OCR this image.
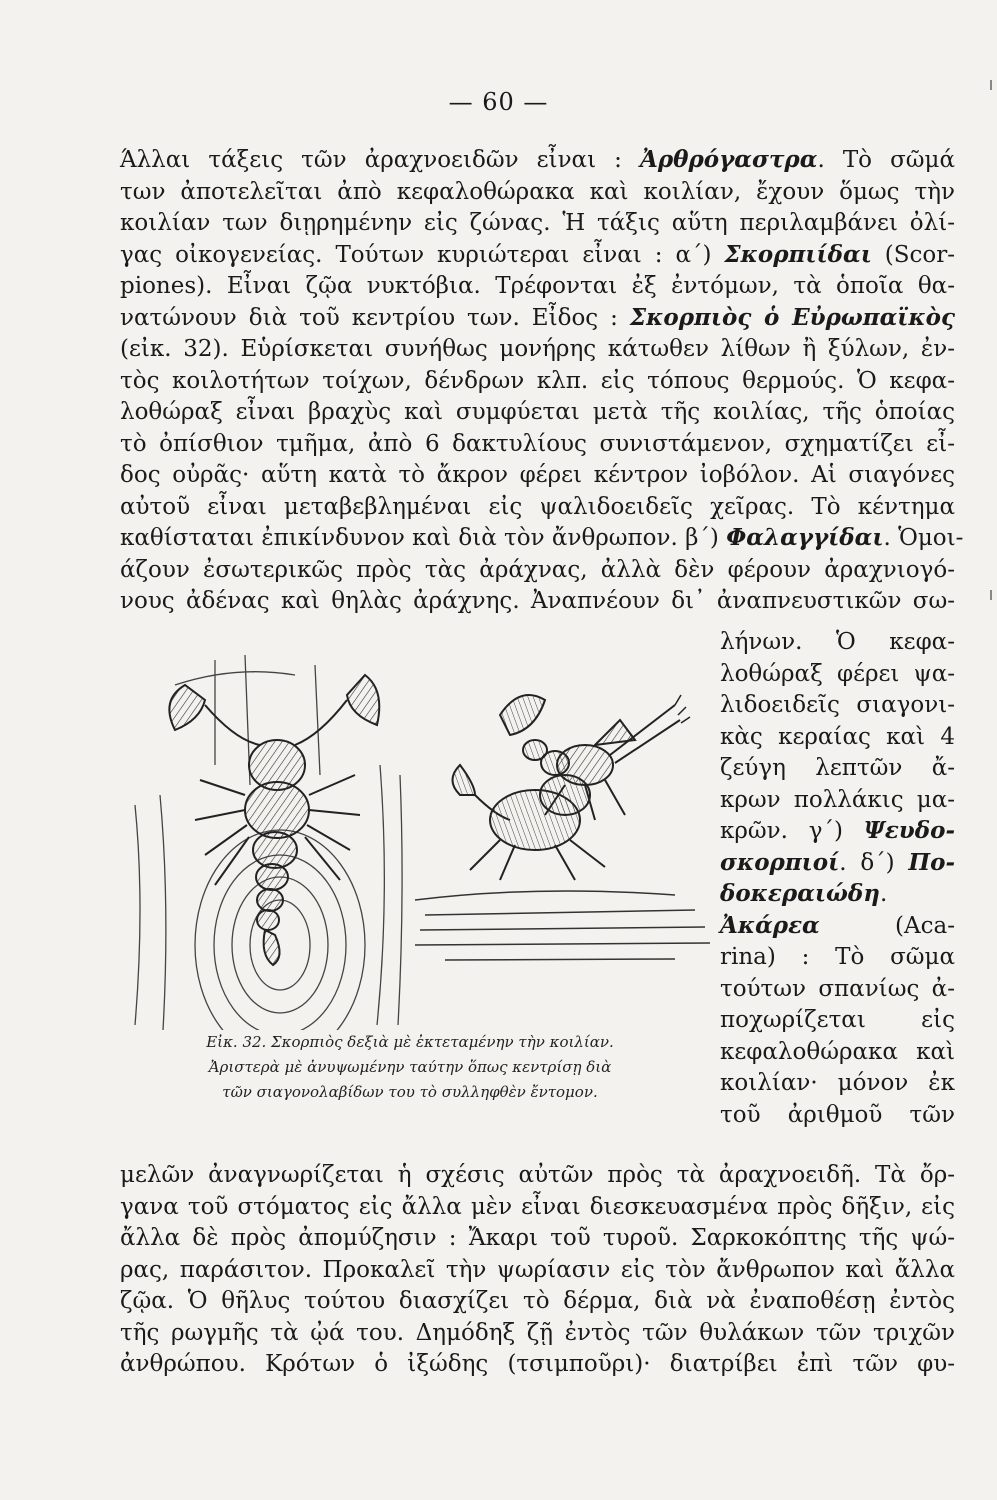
— 60 —
Άλλαι τάξεις τῶν ἀραχνοειδῶν εἶναι : Ἀρθρόγαστρα. Τὸ σῶμά
των ἀποτελεῖται ἀπὸ κεφαλοθώρακα καὶ κοιλίαν, ἔχουν ὅμως τὴν
κοιλίαν των διῃρημένην εἰς ζώνας. Ἡ τάξις αὕτη περιλαμβάνει ὀλί-
γας οἰκογενείας. Τούτων κυριώτεραι εἶναι : α΄) Σκορπιίδαι (Scor-
piones). Εἶναι ζῷα νυκτόβια. Τρέφονται ἐξ ἐντόμων, τὰ ὁποῖα θα-
νατώνουν διὰ τοῦ κεντρίου των. Εἶδος : Σκορπιὸς ὁ Εὐρωπαϊκὸς
(εἰκ. 32). Εὑρίσκεται συνήθως μονήρης κάτωθεν λίθων ἢ ξύλων, ἐν-
τὸς κοιλοτήτων τοίχων, δένδρων κλπ. εἰς τόπους θερμούς. Ὁ κεφα-
λοθώραξ εἶναι βραχὺς καὶ συμφύεται μετὰ τῆς κοιλίας, τῆς ὁποίας
τὸ ὀπίσθιον τμῆμα, ἀπὸ 6 δακτυλίους συνιστάμενον, σχηματίζει εἶ-
δος οὐρᾶς· αὕτη κατὰ τὸ ἄκρον φέρει κέντρον ἰοβόλον. Αἱ σιαγόνες
αὐτοῦ εἶναι μεταβεβλημέναι εἰς ψαλιδοειδεῖς χεῖρας. Τὸ κέντημα
καθίσταται ἐπικίνδυνον καὶ διὰ τὸν ἄνθρωπον. β΄) Φαλαγγίδαι. Ὁμοι-
άζουν ἐσωτερικῶς πρὸς τὰς ἀράχνας, ἀλλὰ δὲν φέρουν ἀραχνιογό-
νους ἀδένας καὶ θηλὰς ἀράχνης. Ἀναπνέουν δι᾽ ἀναπνευστικῶν σω-
λήνων. Ὁ κεφα-
λοθώραξ φέρει ψα-
λιδοειδεῖς σιαγονι-
κὰς κεραίας καὶ 4
ζεύγη λεπτῶν ἄ-
κρων πολλάκις μα-
κρῶν. γ΄) Ψευδο-
σκορπιοί. δ΄) Πο-
δοκεραιώδη.
Ἀκάρεα (Aca-
rina) : Τὸ σῶμα
τούτων σπανίως ἀ-
ποχωρίζεται εἰς
κεφαλοθώρακα καὶ
κοιλίαν· μόνον ἐκ
τοῦ ἀριθμοῦ τῶν
μελῶν ἀναγνωρίζεται ἡ σχέσις αὐτῶν πρὸς τὰ ἀραχνοειδῆ. Τὰ ὄρ-
γανα τοῦ στόματος εἰς ἄλλα μὲν εἶναι διεσκευασμένα πρὸς δῆξιν, εἰς
ἄλλα δὲ πρὸς ἀπομύζησιν : Ἄκαρι τοῦ τυροῦ. Σαρκοκόπτης τῆς ψώ-
ρας, παράσιτον. Προκαλεῖ τὴν ψωρίασιν εἰς τὸν ἄνθρωπον καὶ ἄλλα
ζῷα. Ὁ θῆλυς τούτου διασχίζει τὸ δέρμα, διὰ νὰ ἐναποθέσῃ ἐντὸς
τῆς ρωγμῆς τὰ ᾠά του. Δημόδηξ ζῇ ἐντὸς τῶν θυλάκων τῶν τριχῶν
ἀνθρώπου. Κρότων ὁ ἰξώδης (τσιμποῦρι)· διατρίβει ἐπὶ τῶν φυ-
Εἰκ. 32. Σκορπιὸς δεξιὰ μὲ ἐκτεταμένην τὴν κοιλίαν.
Ἀριστερὰ μὲ ἀνυψωμένην ταύτην ὅπως κεντρίσῃ διὰ
τῶν σιαγονολαβίδων του τὸ συλληφθὲν ἔντομον.
